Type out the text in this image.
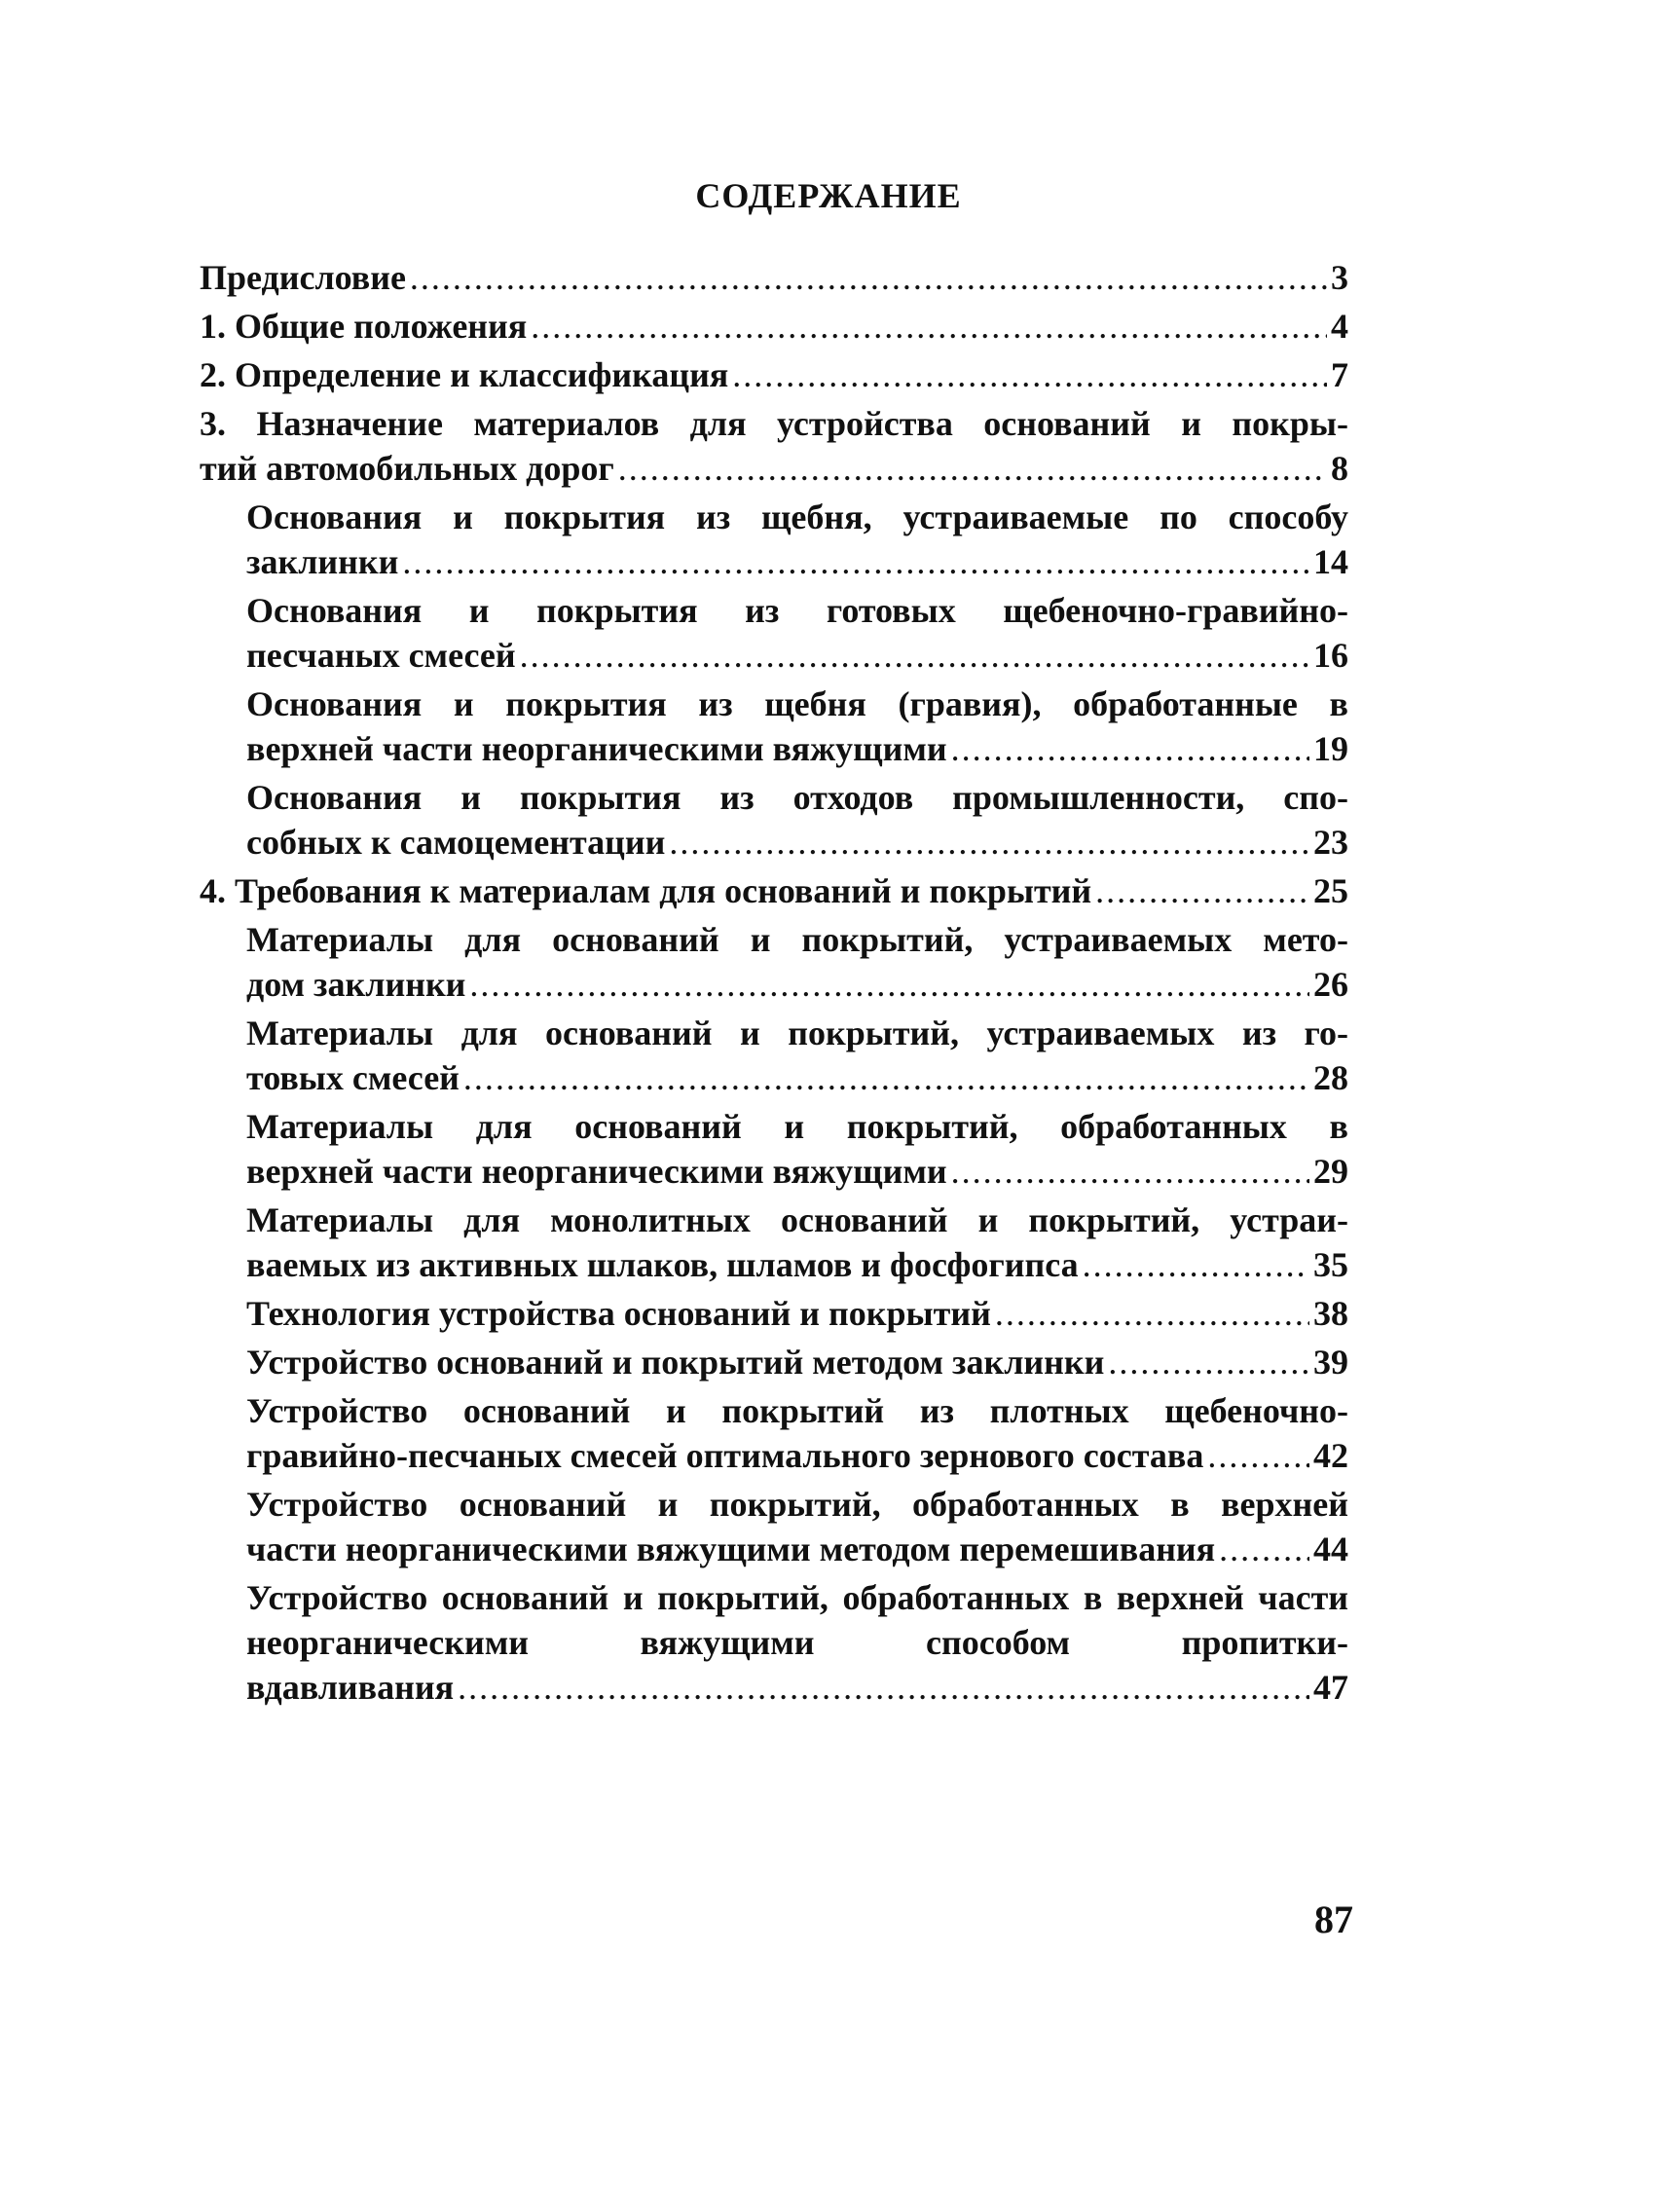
СОДЕРЖАНИЕ
Предисловие .....	3
1. Общие положения .....	4
2. Определение и классификация .....	7
3. Назначение материалов для устройства оснований и покры-
тий автомобильных дорог .....	8
Основания и покрытия из щебня, устраиваемые по способу
заклинки .....	14
Основания и покрытия из готовых щебеночно-гравийно-
песчаных смесей .....	16
Основания и покрытия из щебня (гравия), обработанные в
верхней части неорганическими вяжущими .....	19
Основания и покрытия из отходов промышленности, спо-
собных к самоцементации .....	23
4. Требования к материалам для оснований и покрытий .....	25
Материалы для оснований и покрытий, устраиваемых мето-
дом заклинки .....	26
Материалы для оснований и покрытий, устраиваемых из го-
товых смесей .....	28
Материалы для оснований и покрытий, обработанных в
верхней части неорганическими вяжущими .....	29
Материалы для монолитных оснований и покрытий, устраи-
ваемых из активных шлаков, шламов и фосфогипса .....	35
Технология устройства оснований и покрытий .....	38
Устройство оснований и покрытий методом заклинки .....	39
Устройство оснований и покрытий из плотных щебеночно-
гравийно-песчаных смесей оптимального зернового состава .....	42
Устройство оснований и покрытий, обработанных в верхней
части неорганическими вяжущими методом перемешивания .....	44
Устройство оснований и покрытий, обработанных в верхней части неорганическими вяжущими способом пропитки-
вдавливания .....	47
87
